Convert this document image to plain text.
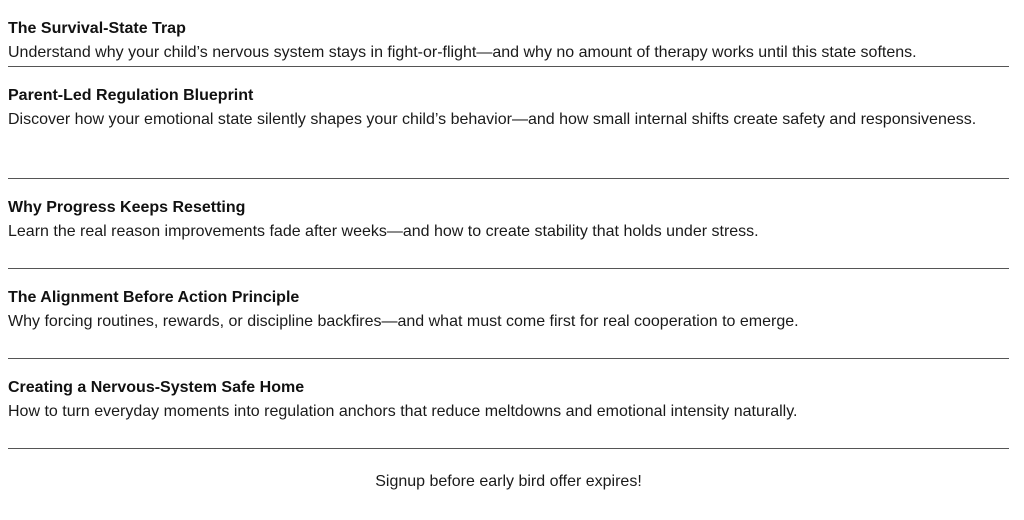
The Survival-State Trap

Understand why your child’s nervous system stays in fight-or-flight—and why no amount of therapy works until this state softens.

Parent-Led Regulation Blueprint

Discover how your emotional state silently shapes your child’s behavior—and how small internal shifts create safety and responsiveness.

Why Progress Keeps Resetting

Learn the real reason improvements fade after weeks—and how to create stability that holds under stress.

The Alignment Before Action Principle

Why forcing routines, rewards, or discipline backfires—and what must come first for real cooperation to emerge.

Creating a Nervous-System Safe Home

How to turn everyday moments into regulation anchors that reduce meltdowns and emotional intensity naturally.

Signup before early bird offer expires!
